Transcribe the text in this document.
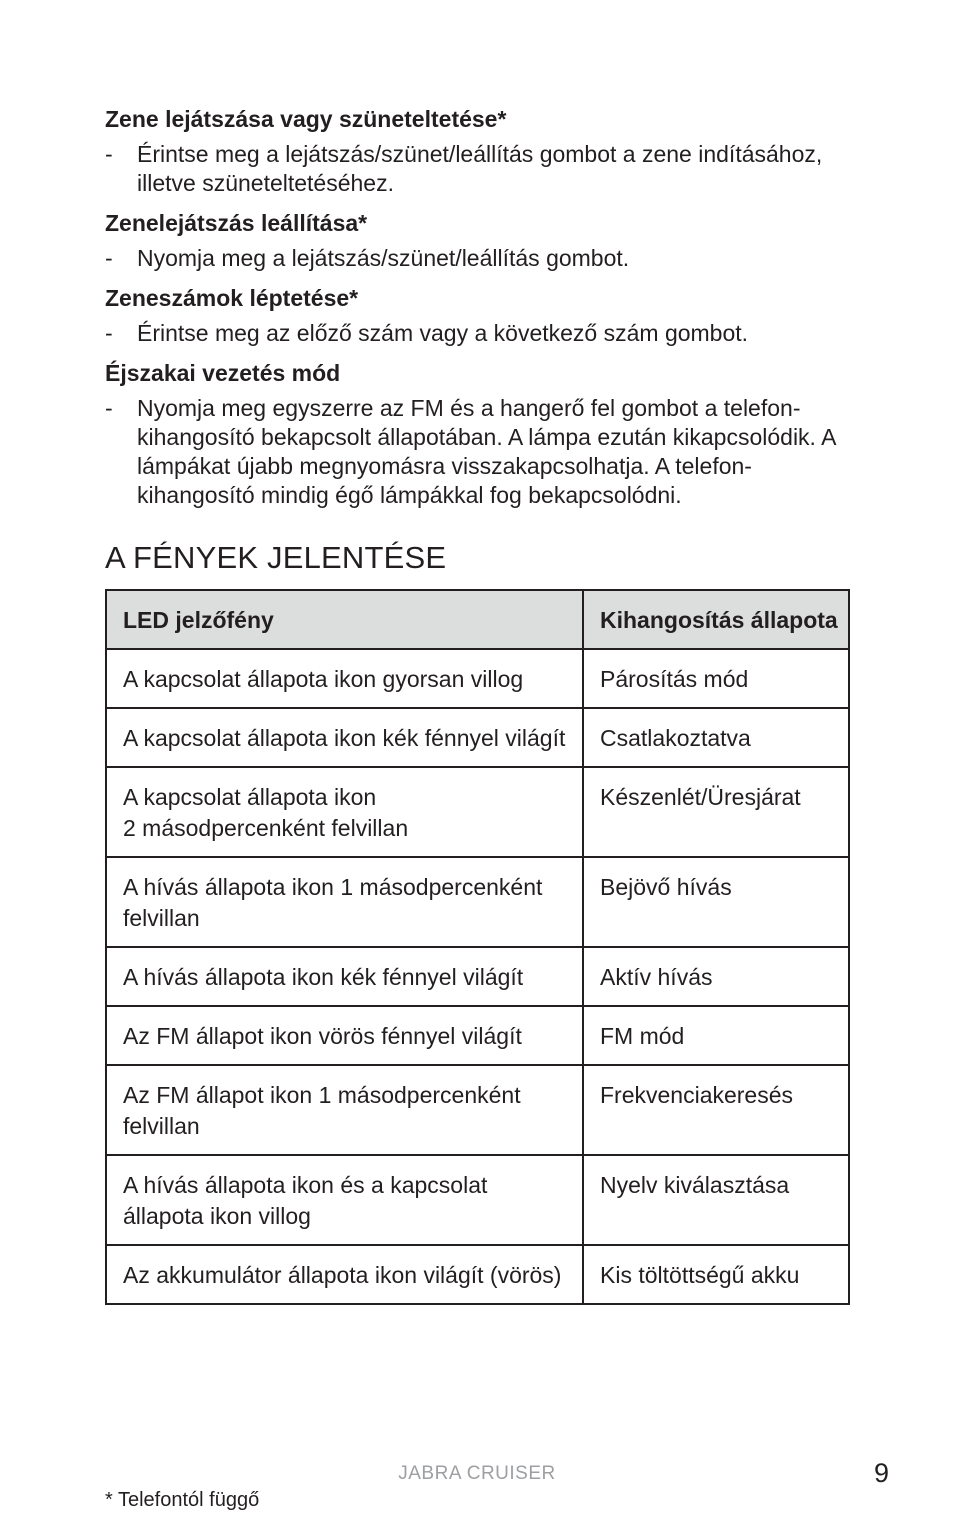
Zene lejátszása vagy szüneteltetése*
- Érintse meg a lejátszás/szünet/leállítás gombot a zene indításához, illetve szüneteltetéséhez.
Zenelejátszás leállítása*
- Nyomja meg a lejátszás/szünet/leállítás gombot.
Zeneszámok léptetése*
- Érintse meg az előző szám vagy a következő szám gombot.
Éjszakai vezetés mód
- Nyomja meg egyszerre az FM és a hangerő fel gombot a telefon-kihangosító bekapcsolt állapotában. A lámpa ezután kikapcsolódik. A lámpákat újabb megnyomásra visszakapcsolhatja. A telefon-kihangosító mindig égő lámpákkal fog bekapcsolódni.
A FÉNYEK JELENTÉSE
LED jelzőfény	Kihangosítás állapota
A kapcsolat állapota ikon gyorsan villog	Párosítás mód
A kapcsolat állapota ikon kék fénnyel világít	Csatlakoztatva
A kapcsolat állapota ikon
2 másodpercenként felvillan	Készenlét/Üresjárat
A hívás állapota ikon 1 másodpercenként felvillan	Bejövő hívás
A hívás állapota ikon kék fénnyel világít	Aktív hívás
Az FM állapot ikon vörös fénnyel világít	FM mód
Az FM állapot ikon 1 másodpercenként felvillan	Frekvenciakeresés
A hívás állapota ikon és a kapcsolat állapota ikon villog	Nyelv kiválasztása
Az akkumulátor állapota ikon világít (vörös)	Kis töltöttségű akku
JABRA CRUISER	9
* Telefontól függő
